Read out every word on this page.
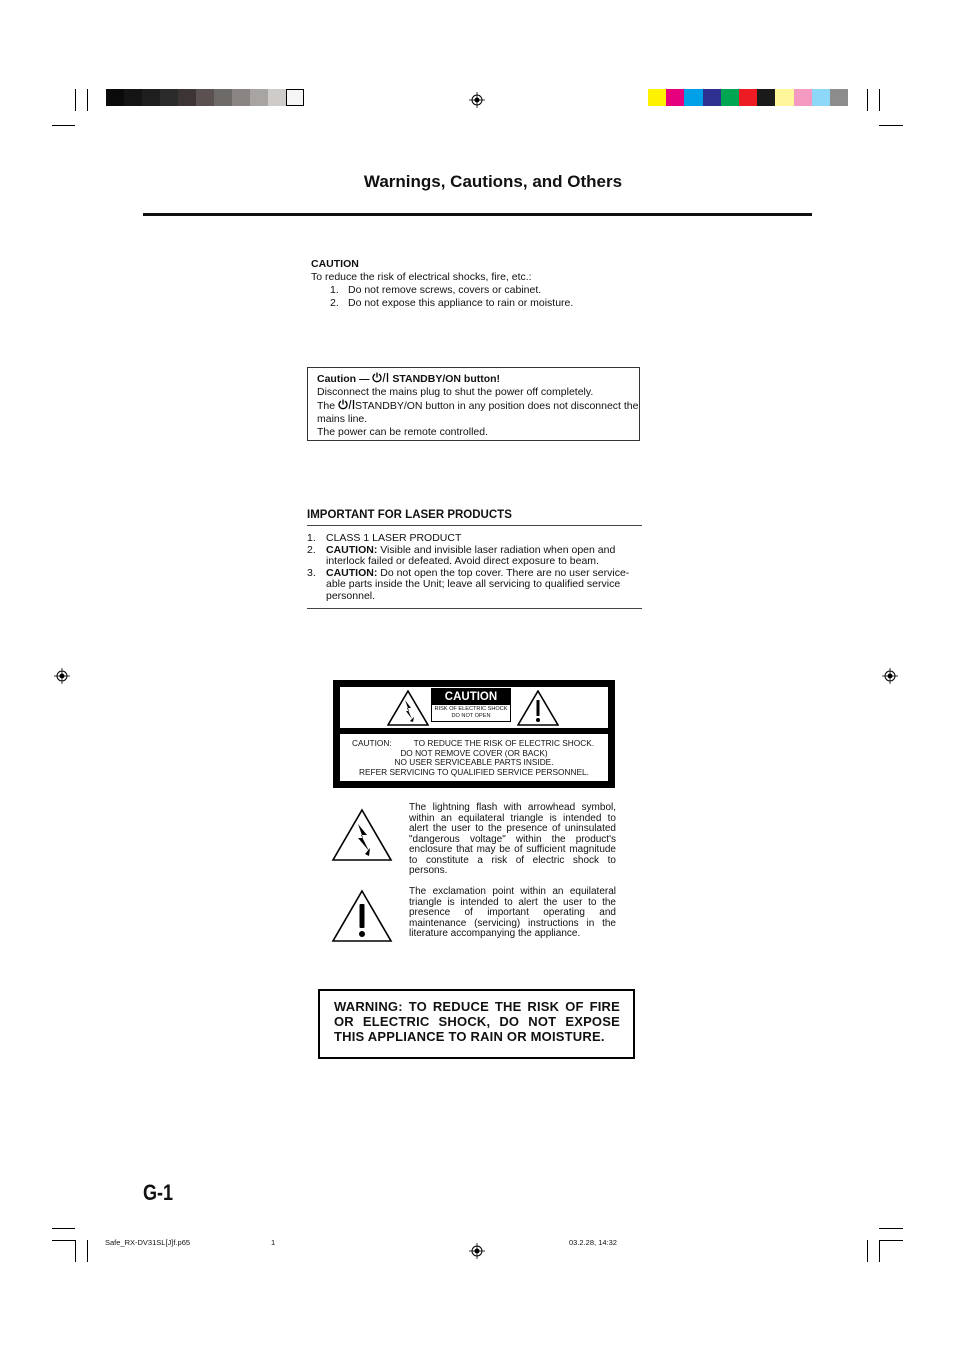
Warnings, Cautions, and Others
CAUTION
To reduce the risk of electrical shocks, fire, etc.:
1. Do not remove screws, covers or cabinet.
2. Do not expose this appliance to rain or moisture.
Caution — STANDBY/ON button!
Disconnect the mains plug to shut the power off completely.
The STANDBY/ON button in any position does not disconnect the
mains line.
The power can be remote controlled.
IMPORTANT FOR LASER PRODUCTS
1. CLASS 1 LASER PRODUCT
2. CAUTION: Visible and invisible laser radiation when open and interlock failed or defeated. Avoid direct exposure to beam.
3. CAUTION: Do not open the top cover. There are no user service-able parts inside the Unit; leave all servicing to qualified service personnel.
CAUTION
RISK OF ELECTRIC SHOCK
DO NOT OPEN
CAUTION:	TO REDUCE THE RISK OF ELECTRIC SHOCK.
DO NOT REMOVE COVER (OR BACK)
NO USER SERVICEABLE PARTS INSIDE.
REFER SERVICING TO QUALIFIED SERVICE PERSONNEL.
The lightning flash with arrowhead symbol, within an equilateral triangle is intended to alert the user to the presence of uninsulated "dangerous voltage" within the product's enclosure that may be of sufficient magnitude to constitute a risk of electric shock to persons.
The exclamation point within an equilateral triangle is intended to alert the user to the presence of important operating and maintenance (servicing) instructions in the literature accompanying the appliance.
WARNING: TO REDUCE THE RISK OF FIRE OR ELECTRIC SHOCK, DO NOT EXPOSE THIS APPLIANCE TO RAIN OR MOISTURE.
G-1
Safe_RX-DV31SL[J]f.p65	1	03.2.28, 14:32
